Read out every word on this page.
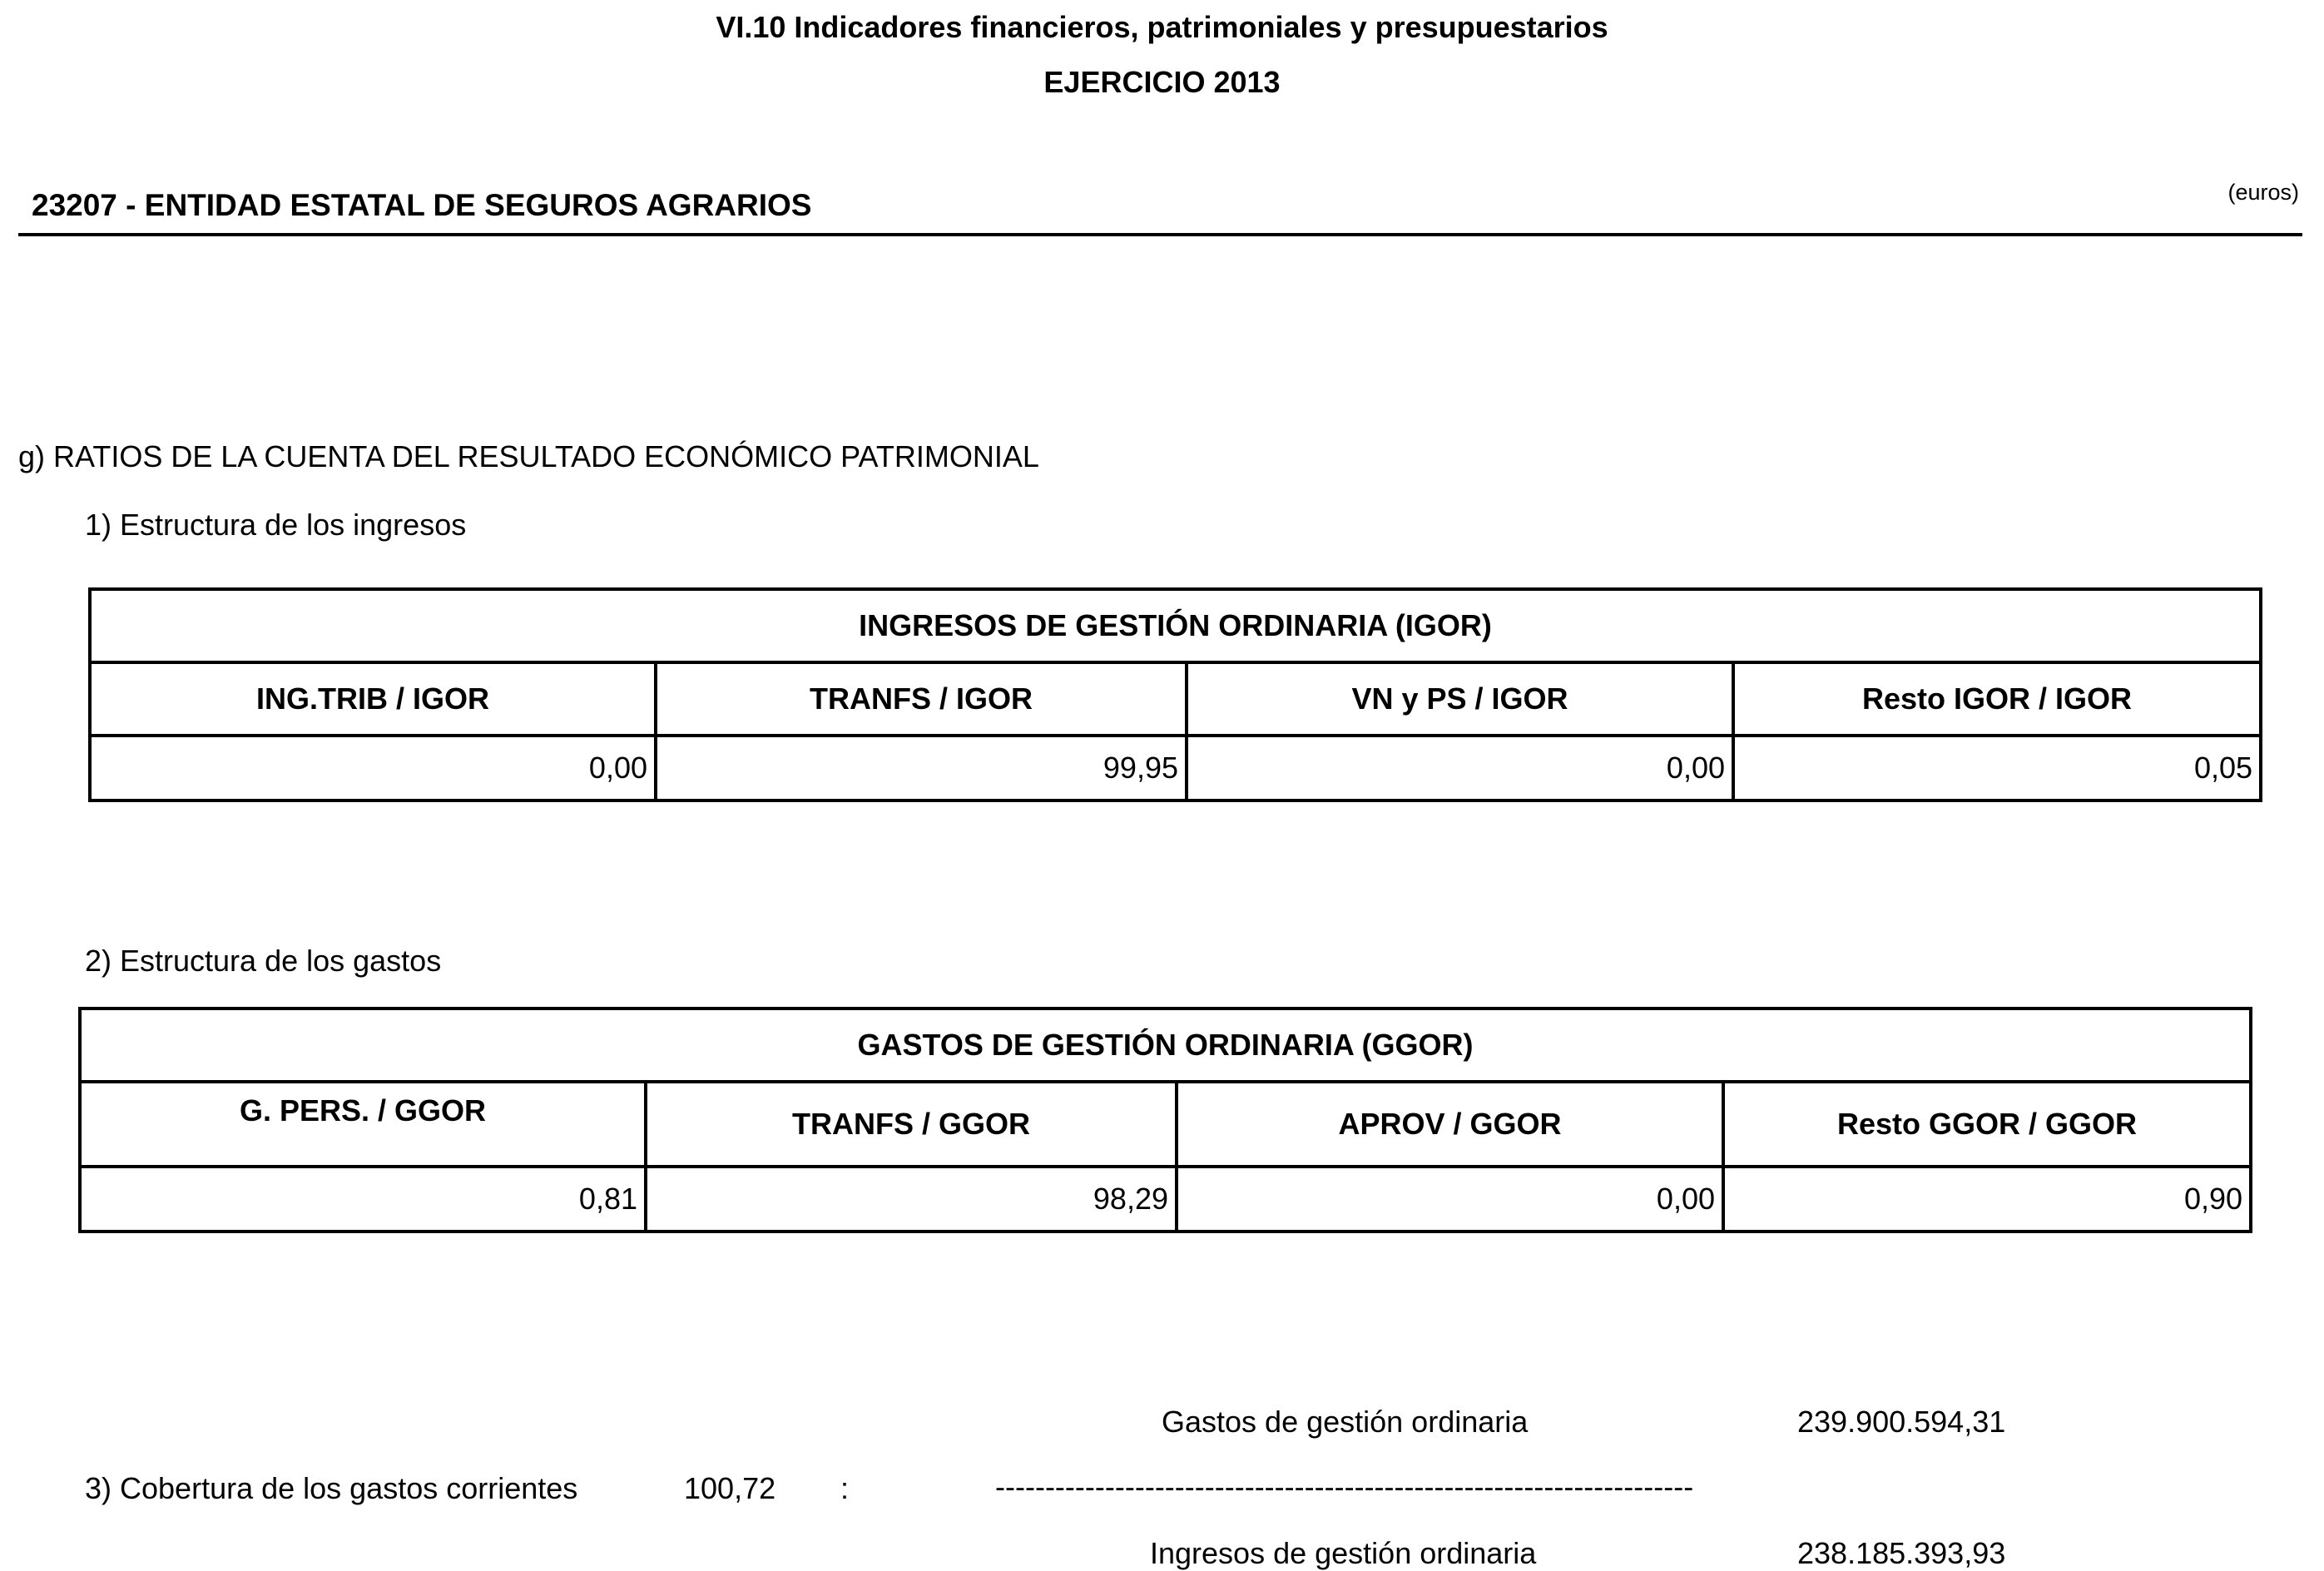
VI.10 Indicadores financieros, patrimoniales y presupuestarios
EJERCICIO 2013
23207 - ENTIDAD ESTATAL DE SEGUROS AGRARIOS	(euros)
g) RATIOS DE LA CUENTA DEL RESULTADO ECONÓMICO PATRIMONIAL
1) Estructura de los ingresos
INGRESOS DE GESTIÓN ORDINARIA (IGOR)			
ING.TRIB / IGOR	TRANFS / IGOR	VN y PS / IGOR	Resto IGOR / IGOR
0,00	99,95	0,00	0,05
2) Estructura de los gastos
GASTOS DE GESTIÓN ORDINARIA (GGOR)			
G. PERS. / GGOR	TRANFS / GGOR	APROV / GGOR	Resto GGOR / GGOR
0,81	98,29	0,00	0,90
Gastos de gestión ordinaria	239.900.594,31
3) Cobertura de los gastos corrientes	100,72 :	----------------------------------------------------------------------
Ingresos de gestión ordinaria	238.185.393,93
